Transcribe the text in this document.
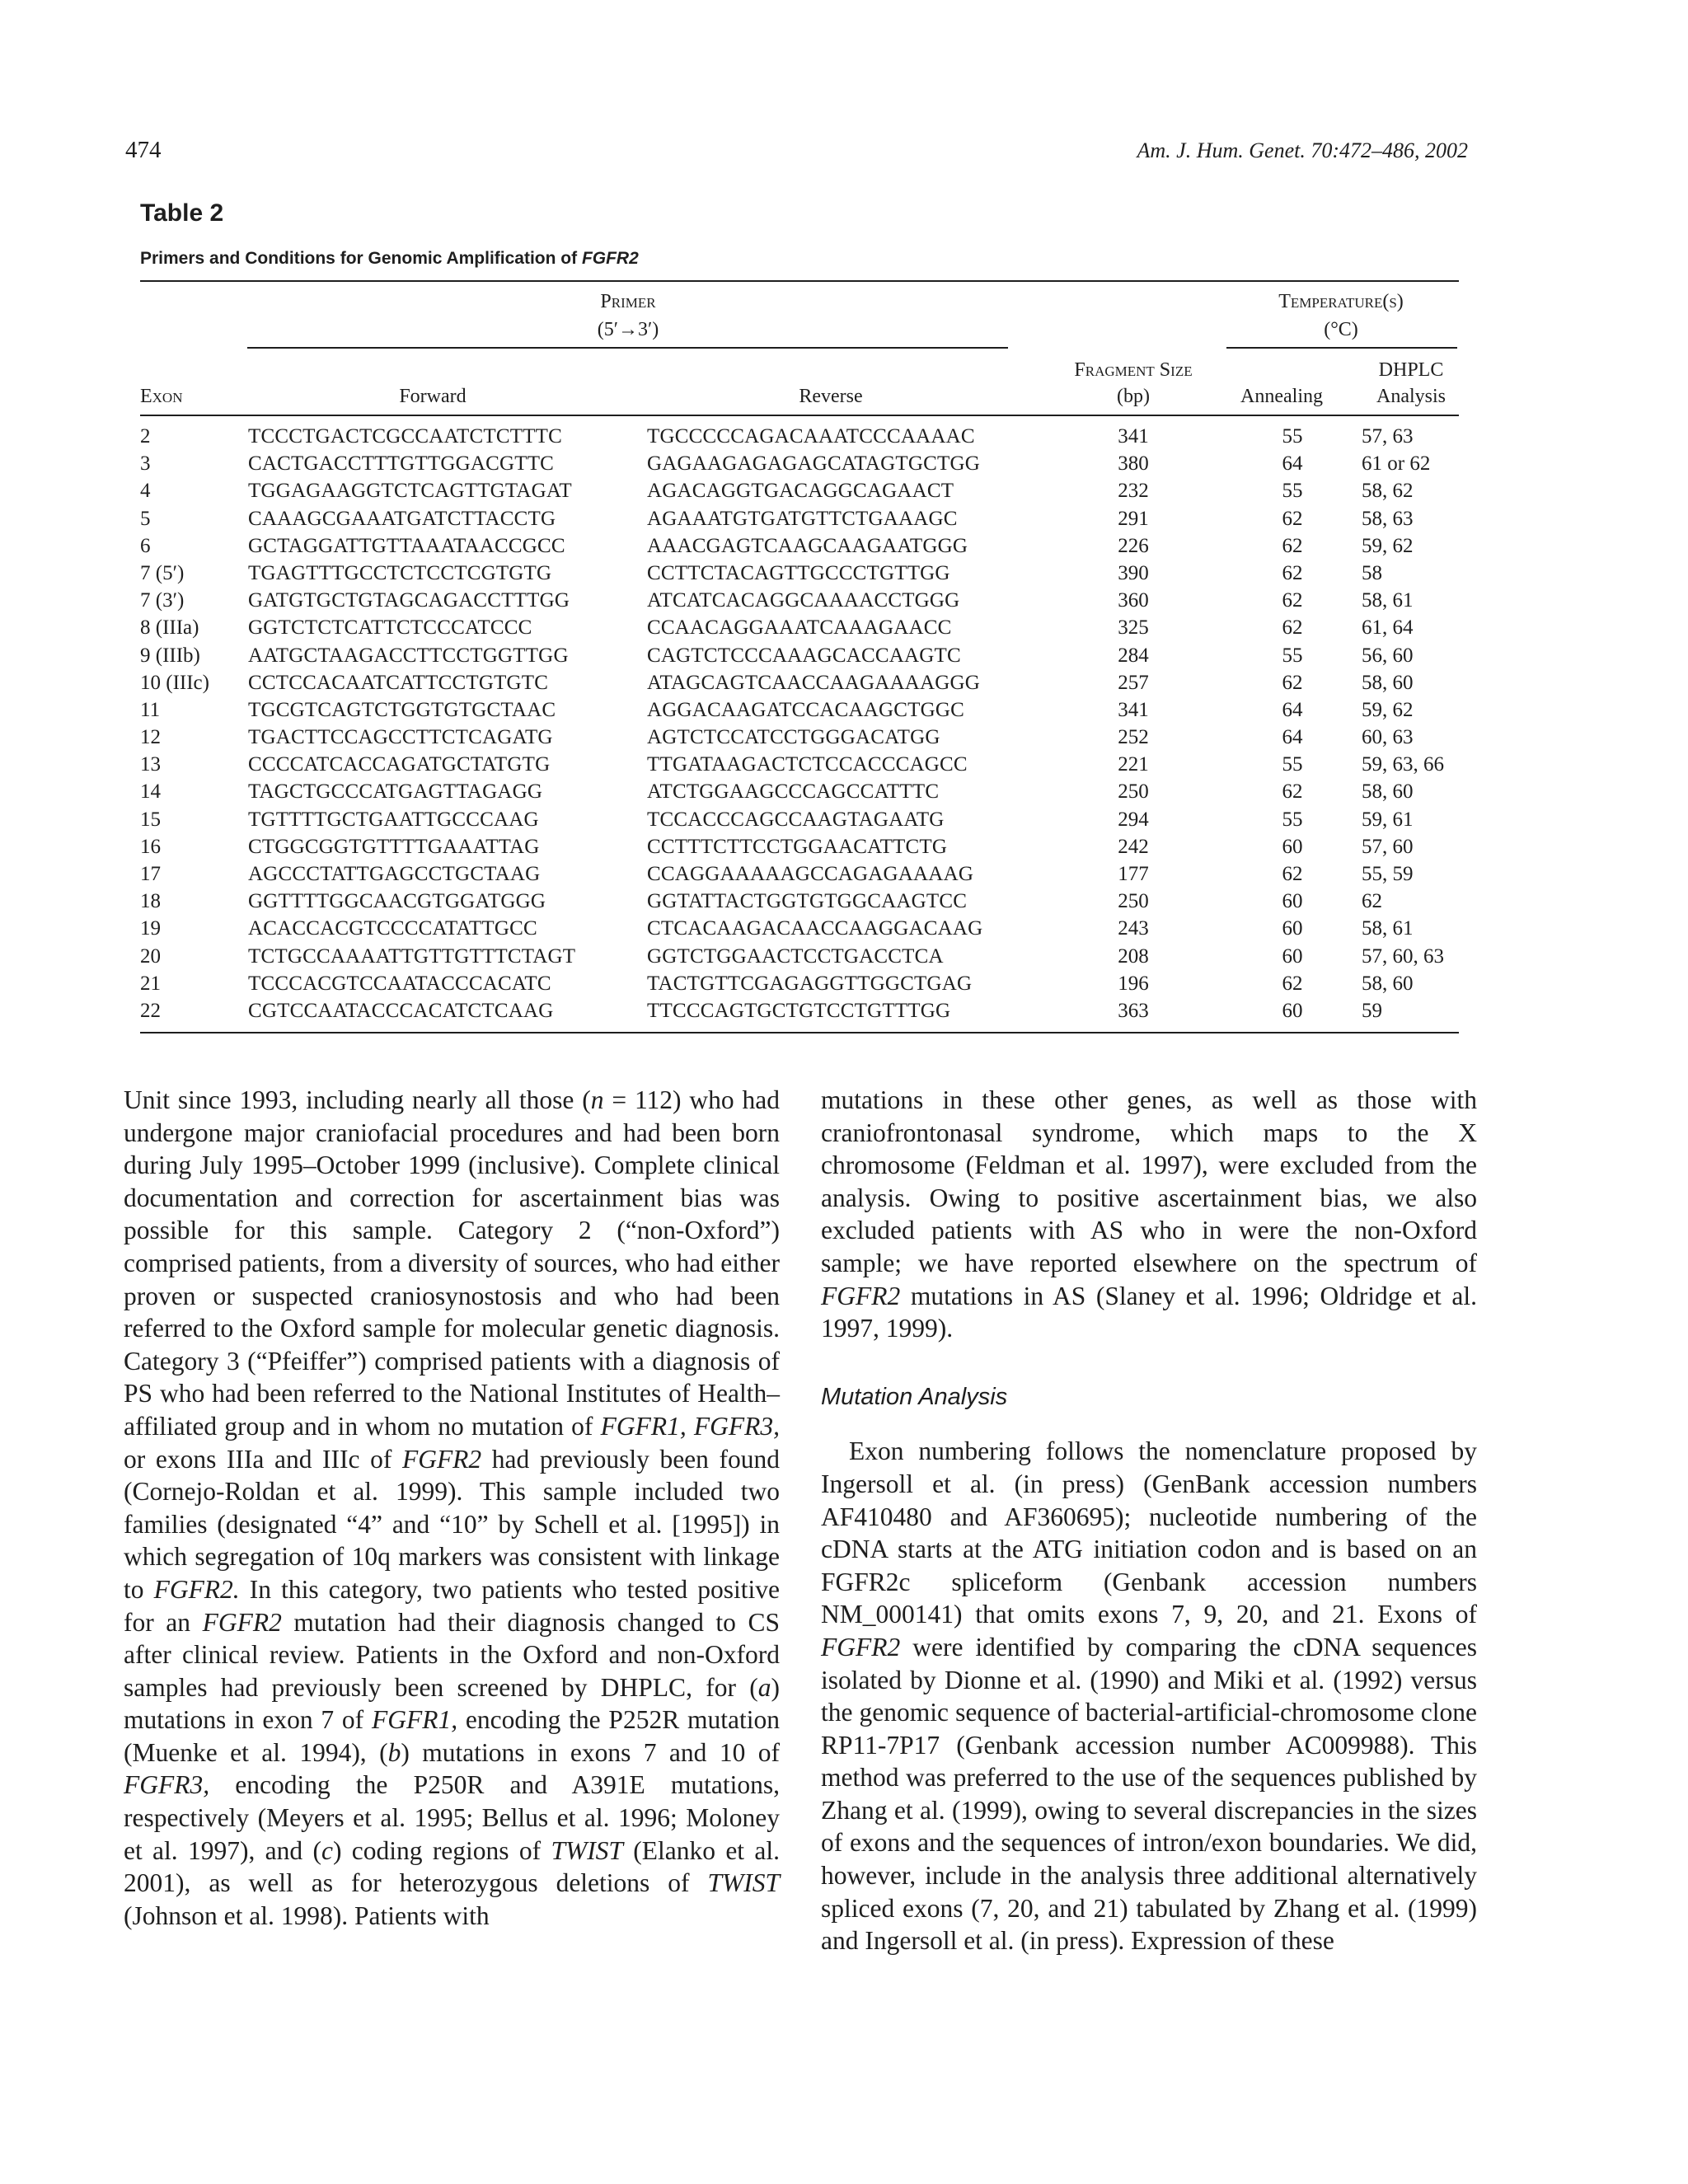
474	Am. J. Hum. Genet. 70:472–486, 2002
Table 2
Primers and Conditions for Genomic Amplification of FGFR2
Primer
(5′→3′)
Temperature(s)
(°C)
Exon	Forward	Reverse
Fragment Size
(bp)	Annealing
DHPLC
Analysis
2	TCCCTGACTCGCCAATCTCTTTC	TGCCCCCAGACAAATCCCAAAAC	341	55	57, 63
3	CACTGACCTTTGTTGGACGTTC	GAGAAGAGAGAGCATAGTGCTGG	380	64	61 or 62
4	TGGAGAAGGTCTCAGTTGTAGAT	AGACAGGTGACAGGCAGAACT	232	55	58, 62
5	CAAAGCGAAATGATCTTACCTG	AGAAATGTGATGTTCTGAAAGC	291	62	58, 63
6	GCTAGGATTGTTAAATAACCGCC	AAACGAGTCAAGCAAGAATGGG	226	62	59, 62
7 (5′)	TGAGTTTGCCTCTCCTCGTGTG	CCTTCTACAGTTGCCCTGTTGG	390	62	58
7 (3′)	GATGTGCTGTAGCAGACCTTTGG	ATCATCACAGGCAAAACCTGGG	360	62	58, 61
8 (IIIa) GGTCTCTCATTCTCCCATCCC	CCAACAGGAAATCAAAGAACC	325	62	61, 64
9 (IIIb) AATGCTAAGACCTTCCTGGTTGG	CAGTCTCCCAAAGCACCAAGTC	284	55	56, 60
10 (IIIc) CCTCCACAATCATTCCTGTGTC	ATAGCAGTCAACCAAGAAAAGGG	257	62	58, 60
11	TGCGTCAGTCTGGTGTGCTAAC	AGGACAAGATCCACAAGCTGGC	341	64	59, 62
12	TGACTTCCAGCCTTCTCAGATG	AGTCTCCATCCTGGGACATGG	252	64	60, 63
13	CCCCATCACCAGATGCTATGTG	TTGATAAGACTCTCCACCCAGCC	221	55	59, 63, 66
14	TAGCTGCCCATGAGTTAGAGG	ATCTGGAAGCCCAGCCATTTC	250	62	58, 60
15	TGTTTTGCTGAATTGCCCAAG	TCCACCCAGCCAAGTAGAATG	294	55	59, 61
16	CTGGCGGTGTTTTGAAATTAG	CCTTTCTTCCTGGAACATTCTG	242	60	57, 60
17	AGCCCTATTGAGCCTGCTAAG	CCAGGAAAAAGCCAGAGAAAAG	177	62	55, 59
18	GGTTTTGGCAACGTGGATGGG	GGTATTACTGGTGTGGCAAGTCC	250	60	62
19	ACACCACGTCCCCATATTGCC	CTCACAAGACAACCAAGGACAAG	243	60	58, 61
20	TCTGCCAAAATTGTTGTTTCTAGT	GGTCTGGAACTCCTGACCTCA	208	60	57, 60, 63
21	TCCCACGTCCAATACCCACATC	TACTGTTCGAGAGGTTGGCTGAG	196	62	58, 60
22	CGTCCAATACCCACATCTCAAG	TTCCCAGTGCTGTCCTGTTTGG	363	60	59

Unit since 1993, including nearly all those (n = 112) who had undergone major craniofacial procedures and had been born during July 1995–October 1999 (inclusive). Complete clinical documentation and correction for ascertainment bias was possible for this sample. Category 2 (“non-Oxford”) comprised patients, from a diversity of sources, who had either proven or suspected craniosynostosis and who had been referred to the Oxford sample for molecular genetic diagnosis. Category 3 (“Pfeiffer”) comprised patients with a diagnosis of PS who had been referred to the National Institutes of Health–affiliated group and in whom no mutation of FGFR1, FGFR3, or exons IIIa and IIIc of FGFR2 had previously been found (Cornejo-Roldan et al. 1999). This sample included two families (designated “4” and “10” by Schell et al. [1995]) in which segregation of 10q markers was consistent with linkage to FGFR2. In this category, two patients who tested positive for an FGFR2 mutation had their diagnosis changed to CS after clinical review. Patients in the Oxford and non-Oxford samples had previously been screened by DHPLC, for (a) mutations in exon 7 of FGFR1, encoding the P252R mutation (Muenke et al. 1994), (b) mutations in exons 7 and 10 of FGFR3, encoding the P250R and A391E mutations, respectively (Meyers et al. 1995; Bellus et al. 1996; Moloney et al. 1997), and (c) coding regions of TWIST (Elanko et al. 2001), as well as for heterozygous deletions of TWIST (Johnson et al. 1998). Patients with

mutations in these other genes, as well as those with craniofrontonasal syndrome, which maps to the X chromosome (Feldman et al. 1997), were excluded from the analysis. Owing to positive ascertainment bias, we also excluded patients with AS who in were the non-Oxford sample; we have reported elsewhere on the spectrum of FGFR2 mutations in AS (Slaney et al. 1996; Oldridge et al. 1997, 1999).

Mutation Analysis

Exon numbering follows the nomenclature proposed by Ingersoll et al. (in press) (GenBank accession numbers AF410480 and AF360695); nucleotide numbering of the cDNA starts at the ATG initiation codon and is based on an FGFR2c spliceform (Genbank accession numbers NM_000141) that omits exons 7, 9, 20, and 21. Exons of FGFR2 were identified by comparing the cDNA sequences isolated by Dionne et al. (1990) and Miki et al. (1992) versus the genomic sequence of bacterial-artificial-chromosome clone RP11-7P17 (Genbank accession number AC009988). This method was preferred to the use of the sequences published by Zhang et al. (1999), owing to several discrepancies in the sizes of exons and the sequences of intron/exon boundaries. We did, however, include in the analysis three additional alternatively spliced exons (7, 20, and 21) tabulated by Zhang et al. (1999) and Ingersoll et al. (in press). Expression of these
